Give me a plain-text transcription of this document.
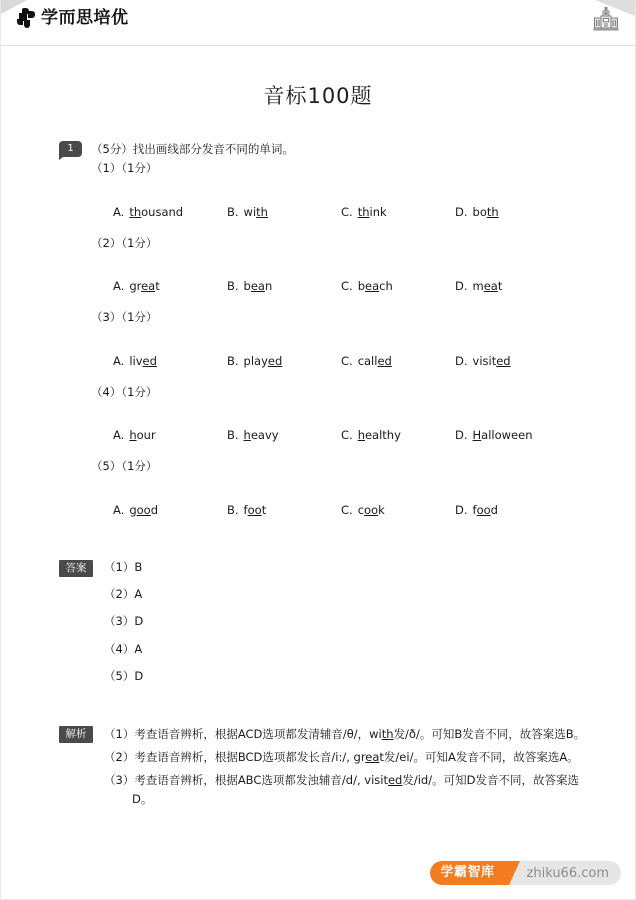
学而思培优
音标100题
1	（5分）找出画线部分发音不同的单词。
（1）（1分）
A. thousand	B. with	C. think	D. both
（2）（1分）
A. great	B. bean	C. beach	D. meat
（3）（1分）
A. lived	B. played	C. called	D. visited
（4）（1分）
A. hour	B. heavy	C. healthy	D. Halloween
（5）（1分）
A. good	B. foot	C. cook	D. food
答案	（1）B
（2）A
（3）D
（4）A
（5）D
解析	（1）考查语音辨析，根据ACD选项都发清辅音/θ/，with发/ð/。可知B发音不同，故答案选B。
（2）考查语音辨析，根据BCD选项都发长音/i:/, great发/ei/。可知A发音不同，故答案选A。
（3）考查语音辨析，根据ABC选项都发浊辅音/d/, visited发/id/。可知D发音不同，故答案选D。
学霸智库	zhiku66.com
